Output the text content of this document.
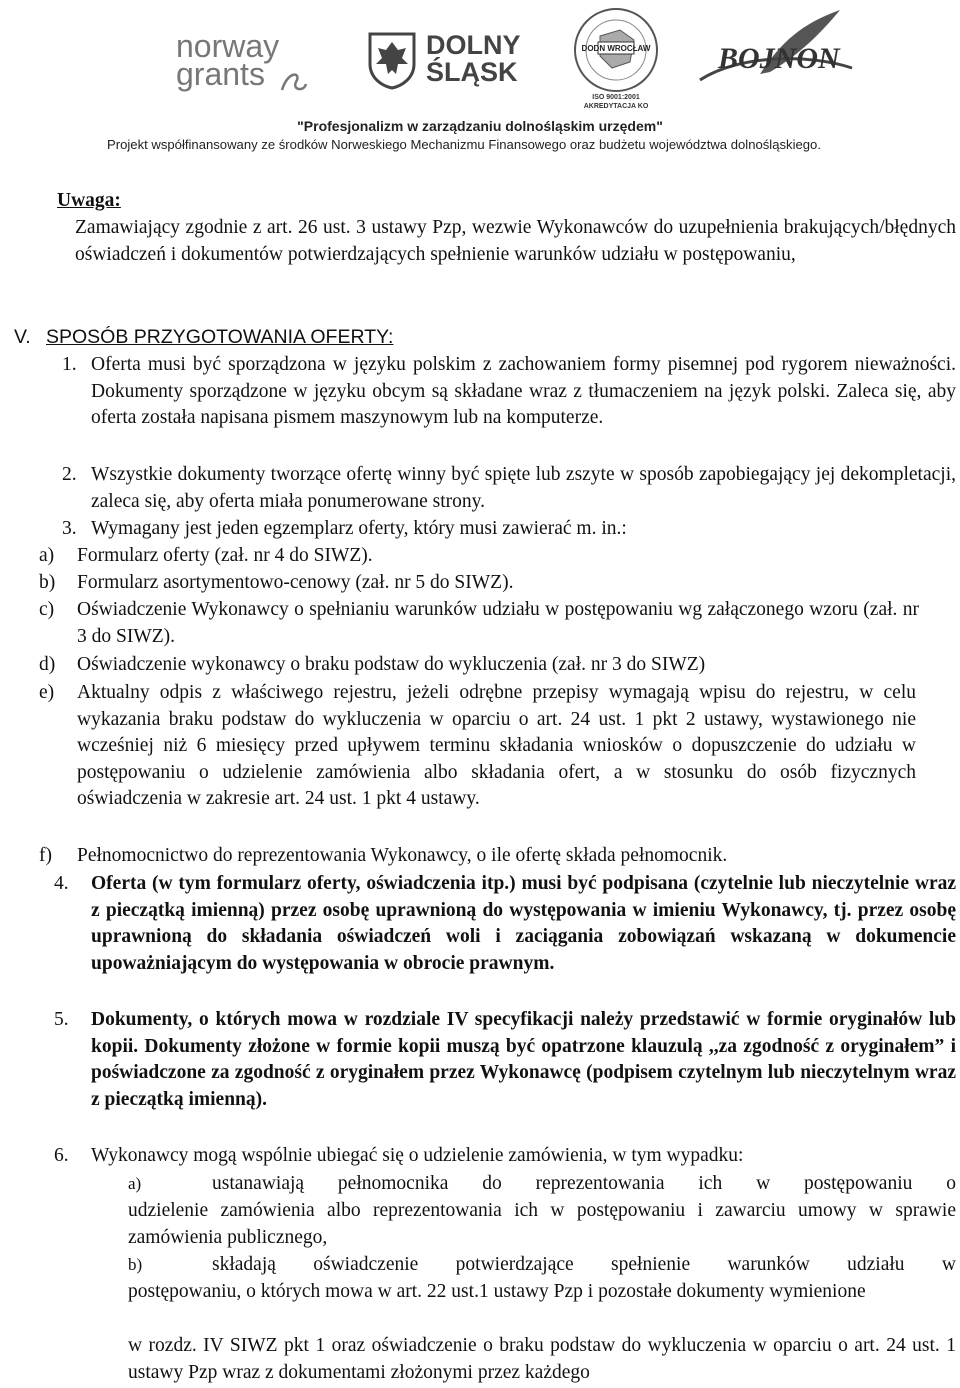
norway
grants
DOLNY
ŚLĄSK
DODN WROCŁAW
ISO 9001:2001
AKREDYTACJA KO
BOJNON
"Profesjonalizm w zarządzaniu dolnośląskim urzędem"
Projekt współfinansowany ze środków Norweskiego Mechanizmu Finansowego oraz budżetu województwa dolnośląskiego.
Uwaga:
Zamawiający zgodnie z art. 26 ust. 3 ustawy Pzp, wezwie Wykonawców do uzupełnienia brakujących/błędnych oświadczeń i dokumentów potwierdzających spełnienie warunków udziału w postępowaniu,
V. SPOSÓB PRZYGOTOWANIA OFERTY:
1. Oferta musi być sporządzona w języku polskim z zachowaniem formy pisemnej pod rygorem nieważności. Dokumenty sporządzone w języku obcym są składane wraz z tłumaczeniem na język polski. Zaleca się, aby oferta została napisana pismem maszynowym lub na komputerze.
2. Wszystkie dokumenty tworzące ofertę winny być spięte lub zszyte w sposób zapobiegający jej dekompletacji, zaleca się, aby oferta miała ponumerowane strony.
3. Wymagany jest jeden egzemplarz oferty, który musi zawierać m. in.:
a) Formularz oferty (zał. nr 4 do SIWZ).
b) Formularz asortymentowo-cenowy (zał. nr 5 do SIWZ).
c) Oświadczenie Wykonawcy o spełnianiu warunków udziału w postępowaniu wg załączonego wzoru (zał. nr 3 do SIWZ).
d) Oświadczenie wykonawcy o braku podstaw do wykluczenia (zał. nr 3 do SIWZ)
e) Aktualny odpis z właściwego rejestru, jeżeli odrębne przepisy wymagają wpisu do rejestru, w celu wykazania braku podstaw do wykluczenia w oparciu o art. 24 ust. 1 pkt 2 ustawy, wystawionego nie wcześniej niż 6 miesięcy przed upływem terminu składania wniosków o dopuszczenie do udziału w postępowaniu o udzielenie zamówienia albo składania ofert, a w stosunku do osób fizycznych oświadczenia w zakresie art. 24 ust. 1 pkt 4 ustawy.
f) Pełnomocnictwo do reprezentowania Wykonawcy, o ile ofertę składa pełnomocnik.
4. Oferta (w tym formularz oferty, oświadczenia itp.) musi być podpisana (czytelnie lub nieczytelnie wraz z pieczątką imienną) przez osobę uprawnioną do występowania w imieniu Wykonawcy, tj. przez osobę uprawnioną do składania oświadczeń woli i zaciągania zobowiązań wskazaną w dokumencie upoważniającym do występowania w obrocie prawnym.
5. Dokumenty, o których mowa w rozdziale IV specyfikacji należy przedstawić w formie oryginałów lub kopii. Dokumenty złożone w formie kopii muszą być opatrzone klauzulą ,,za zgodność z oryginałem” i poświadczone za zgodność z oryginałem przez Wykonawcę (podpisem czytelnym lub nieczytelnym wraz z pieczątką imienną).
6. Wykonawcy mogą wspólnie ubiegać się o udzielenie zamówienia, w tym wypadku:
a)	ustanawiają pełnomocnika do reprezentowania ich w postępowaniu o
udzielenie zamówienia albo reprezentowania ich w postępowaniu i zawarciu umowy w sprawie zamówienia publicznego,
b)	składają oświadczenie potwierdzające spełnienie warunków udziału w
postępowaniu, o których mowa w art. 22 ust.1 ustawy Pzp i pozostałe dokumenty wymienione
w rozdz. IV SIWZ pkt 1 oraz oświadczenie o braku podstaw do wykluczenia w oparciu o art. 24 ust. 1 ustawy Pzp wraz z dokumentami złożonymi przez każdego
